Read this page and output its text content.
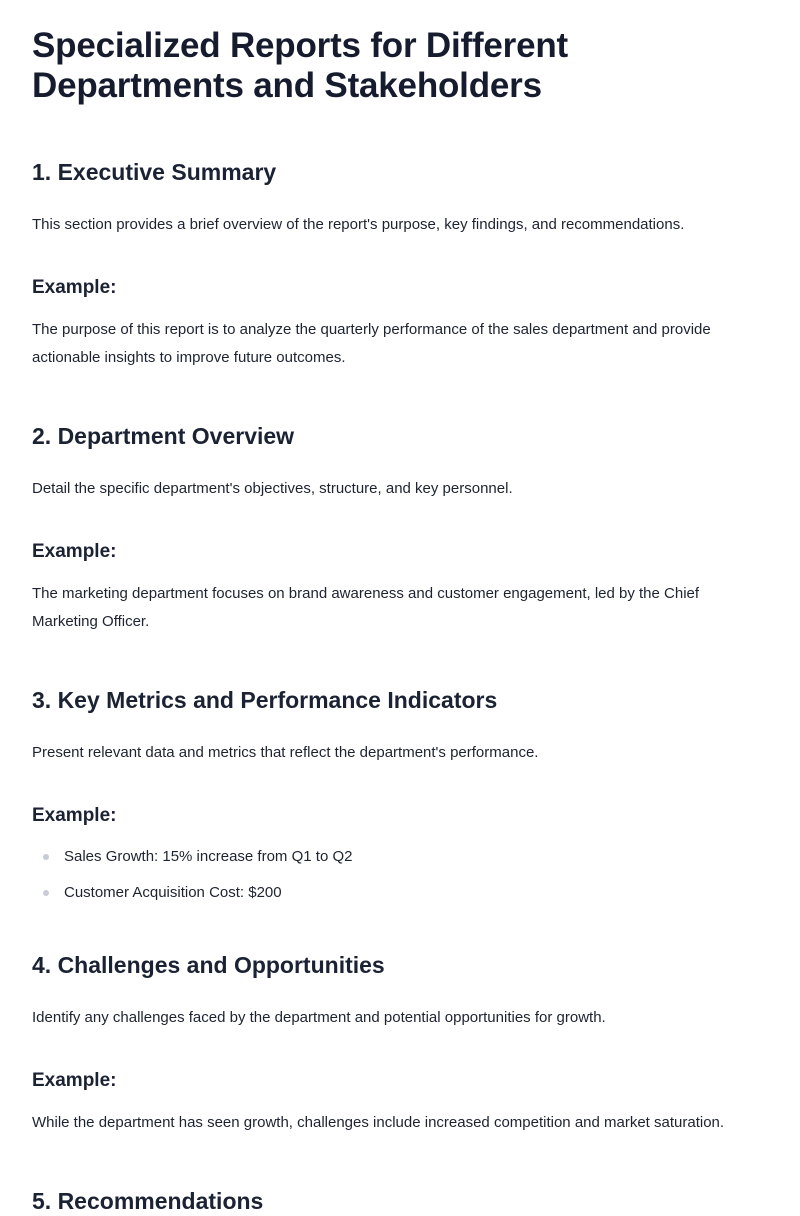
Specialized Reports for Different Departments and Stakeholders
1. Executive Summary

This section provides a brief overview of the report's purpose, key findings, and recommendations.

Example:

The purpose of this report is to analyze the quarterly performance of the sales department and provide actionable insights to improve future outcomes.

2. Department Overview

Detail the specific department's objectives, structure, and key personnel.

Example:

The marketing department focuses on brand awareness and customer engagement, led by the Chief Marketing Officer.

3. Key Metrics and Performance Indicators

Present relevant data and metrics that reflect the department's performance.

Example:
Sales Growth: 15% increase from Q1 to Q2
Customer Acquisition Cost: $200
4. Challenges and Opportunities

Identify any challenges faced by the department and potential opportunities for growth.

Example:

While the department has seen growth, challenges include increased competition and market saturation.

5. Recommendations
